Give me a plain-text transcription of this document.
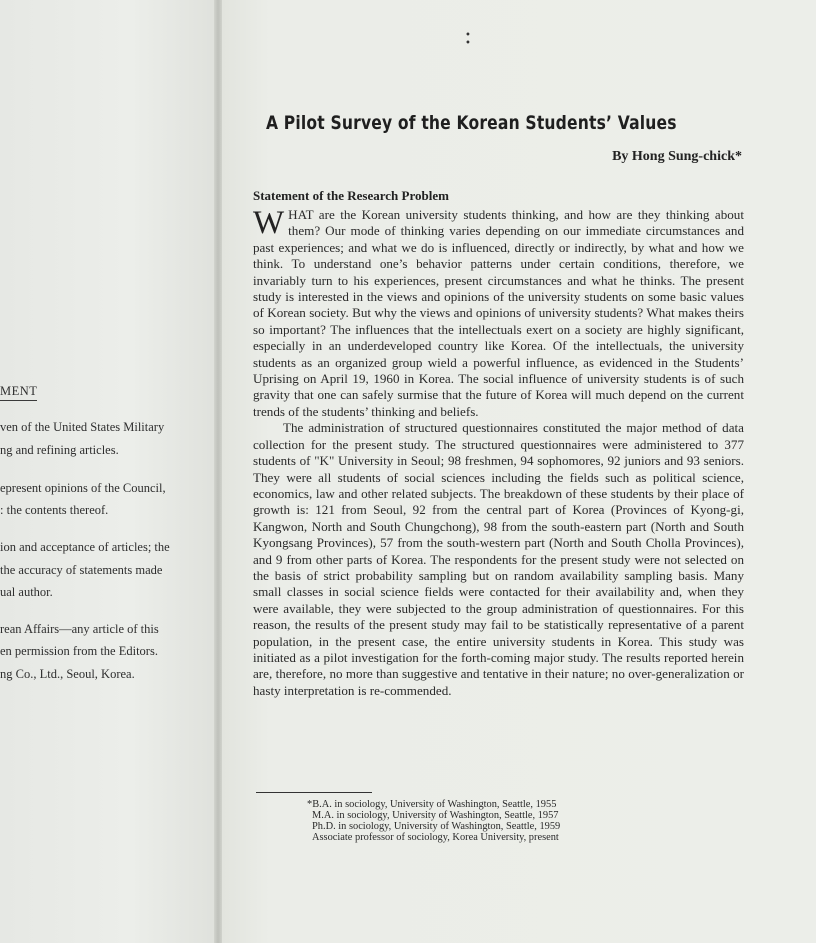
MENT
ven of the United States Military
ng and refining articles.
epresent opinions of the Council,
: the contents thereof.
ion and acceptance of articles; the
the accuracy of statements made
ual author.
rean Affairs—any article of this
en permission from the Editors.
ng Co., Ltd., Seoul, Korea.
•
•
A Pilot Survey of the Korean Students’ Values
By Hong Sung-chick*
Statement of the Research Problem

WHAT are the Korean university students thinking, and how are they thinking about them? Our mode of thinking varies depending on our immediate circumstances and past experiences; and what we do is influenced, directly or indirectly, by what and how we think. To understand one’s behavior patterns under certain conditions, therefore, we invariably turn to his experiences, present circumstances and what he thinks. The present study is interested in the views and opinions of the university students on some basic values of Korean society. But why the views and opinions of university students? What makes theirs so important? The influences that the intellectuals exert on a society are highly significant, especially in an underdeveloped country like Korea. Of the intellectuals, the university students as an organized group wield a powerful influence, as evidenced in the Students’ Uprising on April 19, 1960 in Korea. The social influence of university students is of such gravity that one can safely surmise that the future of Korea will much depend on the current trends of the students’ thinking and beliefs.

The administration of structured questionnaires constituted the major method of data collection for the present study. The structured questionnaires were administered to 377 students of "K" University in Seoul; 98 freshmen, 94 sophomores, 92 juniors and 93 seniors. They were all students of social sciences including the fields such as political science, economics, law and other related subjects. The breakdown of these students by their place of growth is: 121 from Seoul, 92 from the central part of Korea (Provinces of Kyong-gi, Kangwon, North and South Chungchong), 98 from the south-eastern part (North and South Kyongsang Provinces), 57 from the south-western part (North and South Cholla Provinces), and 9 from other parts of Korea. The respondents for the present study were not selected on the basis of strict probability sampling but on random availability sampling basis. Many small classes in social science fields were contacted for their availability and, when they were available, they were subjected to the group administration of questionnaires. For this reason, the results of the present study may fail to be statistically representative of a parent population, in the present case, the entire university students in Korea. This study was initiated as a pilot investigation for the forth-coming major study. The results reported herein are, therefore, no more than suggestive and tentative in their nature; no over-generalization or hasty interpretation is re-commended.

*B.A. in sociology, University of Washington, Seattle, 1955
M.A. in sociology, University of Washington, Seattle, 1957
Ph.D. in sociology, University of Washington, Seattle, 1959
Associate professor of sociology, Korea University, present
